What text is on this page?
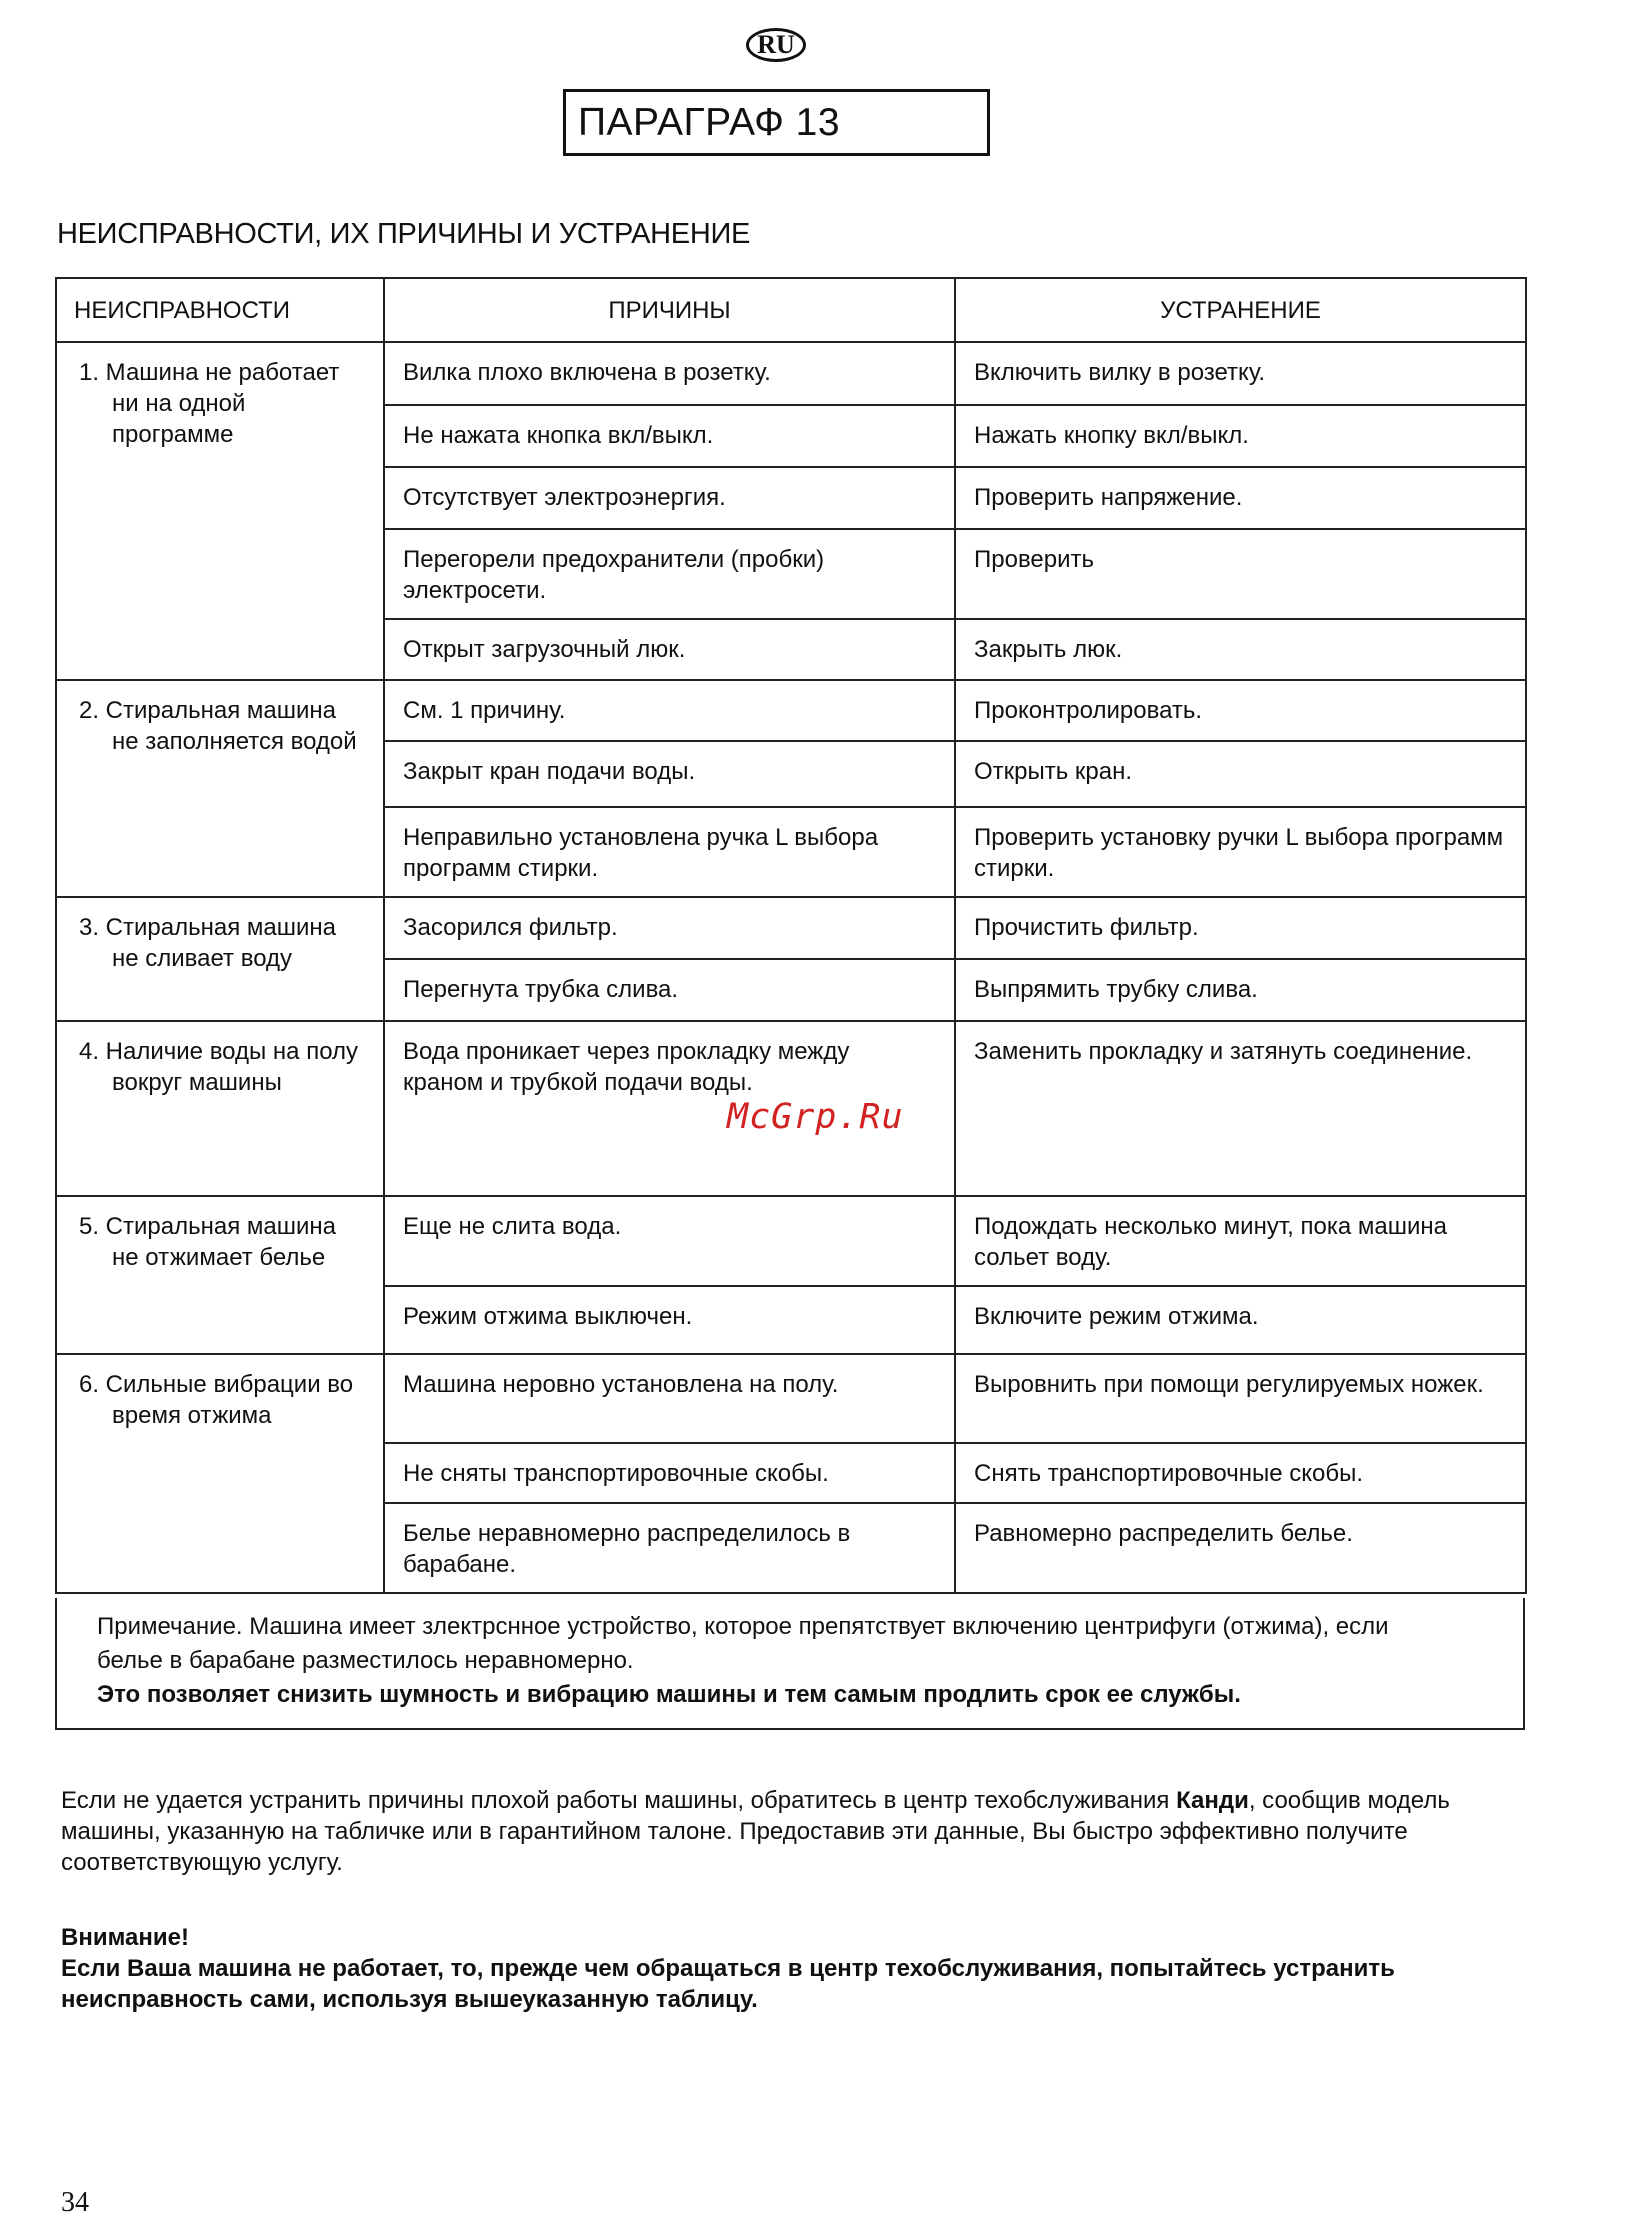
RU
ПАРАГРАФ 13
НЕИСПРАВНОСТИ, ИХ ПРИЧИНЫ И УСТРАНЕНИЕ
НЕИСПРАВНОСТИ	ПРИЧИНЫ	УСТРАНЕНИЕ

1. Машина не работает ни на одной программе	Вилка плохо включена в розетку.	Включить вилку в розетку.
	Не нажата кнопка вкл/выкл.	Нажать кнопку вкл/выкл.
	Отсутствует электроэнергия.	Проверить напряжение.
	Перегорели предохранители (пробки) электросети.	Проверить
	Открыт загрузочный люк.	Закрыть люк.

2. Стиральная машина не заполняется водой	См. 1 причину.	Проконтролировать.
	Закрыт кран подачи воды.	Открыть кран.
	Неправильно установлена ручка L выбора программ стирки.	Проверить установку ручки L выбора программ стирки.

3. Стиральная машина не сливает воду	Засорился фильтр.	Прочистить фильтр.
	Перегнута трубка слива.	Выпрямить трубку слива.

4. Наличие воды на полу вокруг машины	Вода проникает через прокладку между краном и трубкой подачи воды.	Заменить прокладку и затянуть соединение.

5. Стиральная машина не отжимает белье	Еще не слита вода.	Подождать несколько минут, пока машина сольет воду.
	Режим отжима выключен.	Включите режим отжима.

6. Сильные вибрации во время отжима	Машина неровно установлена на полу.	Выровнить при помощи регулируемых ножек.
	Не сняты транспортировочные скобы.	Снять транспортировочные скобы.
	Белье неравномерно распределилось в барабане.	Равномерно распределить белье.
McGrp.Ru
Примечание. Машина имеет злектрснное устройство, которое препятствует включению центрифуги (отжима), если
белье в барабане разместилось неравномерно.
Это позволяет снизить шумность и вибрацию машины и тем самым продлить срок ее службы.
Если не удается устранить причины плохой работы машины, обратитесь в центр техобслуживания Канди, сообщив модель машины, указанную на табличке или в гарантийном талоне. Предоставив эти данные, Вы быстро эффективно получите соответствующую услугу.
Внимание!
Если Ваша машина не работает, то, прежде чем обращаться в центр техобслуживания, попытайтесь устранить неисправность сами, используя вышеуказанную таблицу.
34
